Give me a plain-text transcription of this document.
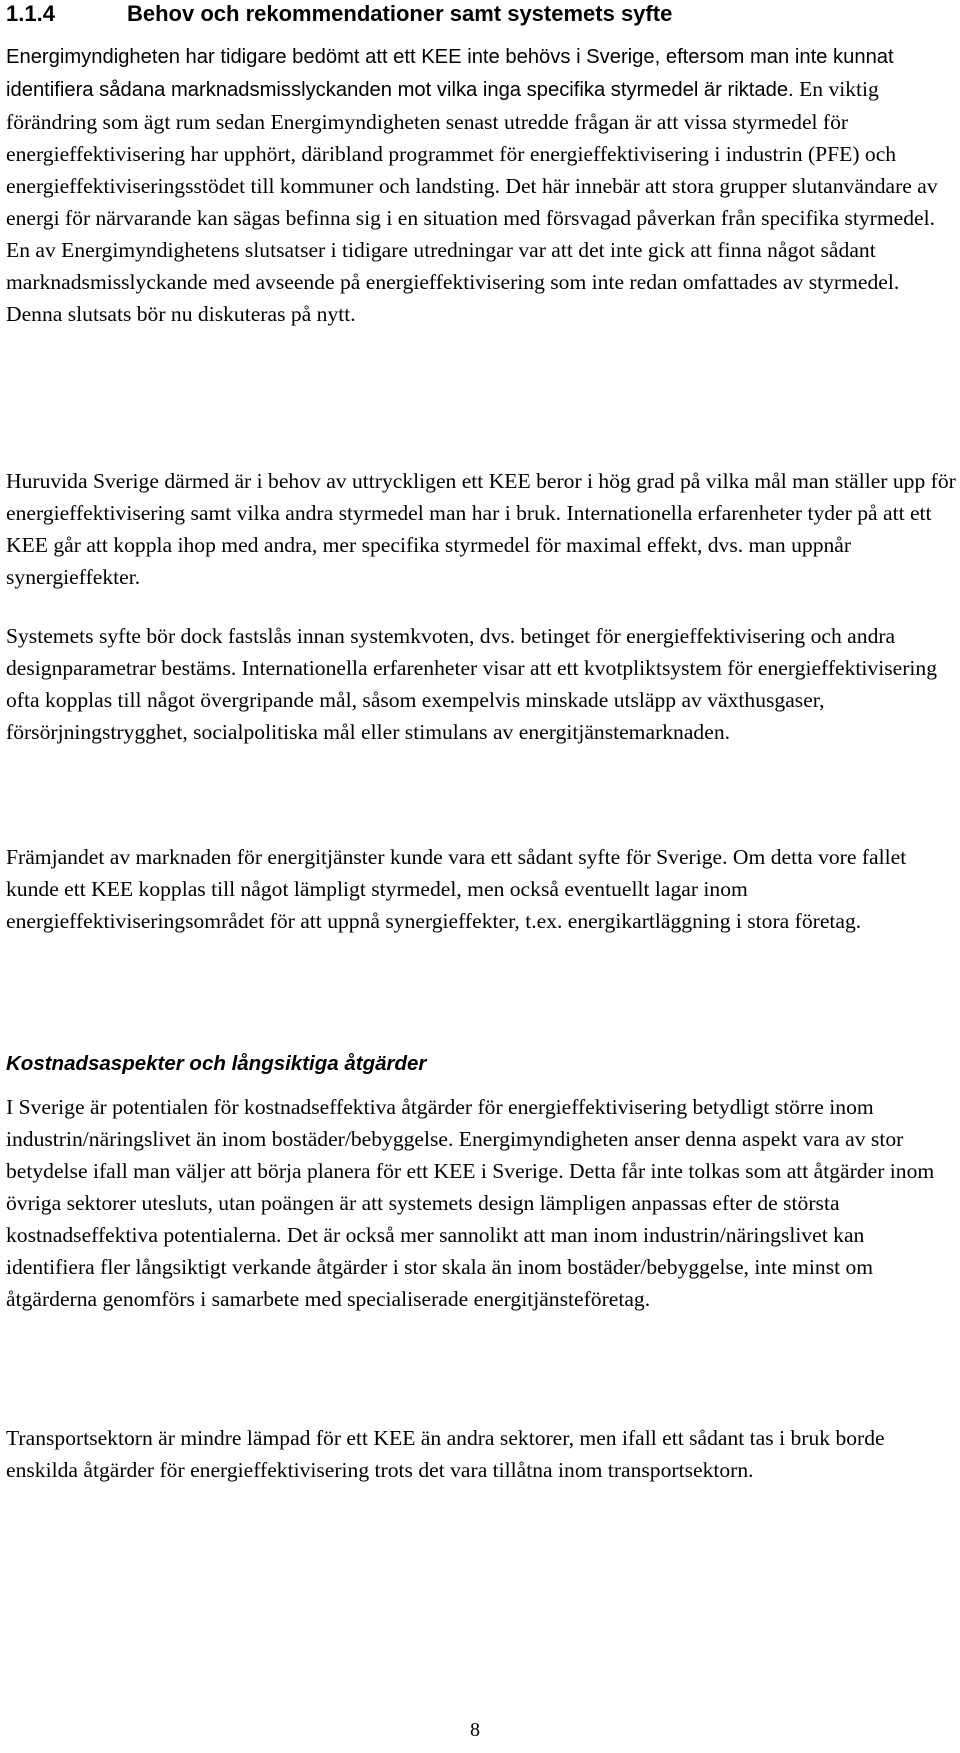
1.1.4	Behov och rekommendationer samt systemets syfte

Energimyndigheten har tidigare bedömt att ett KEE inte behövs i Sverige, eftersom man inte kunnat identifiera sådana marknadsmisslyckanden mot vilka inga specifika styrmedel är riktade. En viktig förändring som ägt rum sedan Energimyndigheten senast utredde frågan är att vissa styrmedel för energieffektivisering har upphört, däribland programmet för energieffektivisering i industrin (PFE) och energieffektiviseringsstödet till kommuner och landsting. Det här innebär att stora grupper slutanvändare av energi för närvarande kan sägas befinna sig i en situation med försvagad påverkan från specifika styrmedel. En av Energimyndighetens slutsatser i tidigare utredningar var att det inte gick att finna något sådant marknadsmisslyckande med avseende på energieffektivisering som inte redan omfattades av styrmedel. Denna slutsats bör nu diskuteras på nytt.

Huruvida Sverige därmed är i behov av uttryckligen ett KEE beror i hög grad på vilka mål man ställer upp för energieffektivisering samt vilka andra styrmedel man har i bruk. Internationella erfarenheter tyder på att ett KEE går att koppla ihop med andra, mer specifika styrmedel för maximal effekt, dvs. man uppnår synergieffekter.

Systemets syfte bör dock fastslås innan systemkvoten, dvs. betinget för energieffektivisering och andra designparametrar bestäms. Internationella erfarenheter visar att ett kvotpliktsystem för energieffektivisering ofta kopplas till något övergripande mål, såsom exempelvis minskade utsläpp av växthusgaser, försörjningstrygghet, socialpolitiska mål eller stimulans av energitjänstemarknaden.

Främjandet av marknaden för energitjänster kunde vara ett sådant syfte för Sverige. Om detta vore fallet kunde ett KEE kopplas till något lämpligt styrmedel, men också eventuellt lagar inom energieffektiviseringsområdet för att uppnå synergieffekter, t.ex. energikartläggning i stora företag.

Kostnadsaspekter och långsiktiga åtgärder

I Sverige är potentialen för kostnadseffektiva åtgärder för energieffektivisering betydligt större inom industrin/näringslivet än inom bostäder/bebyggelse. Energimyndigheten anser denna aspekt vara av stor betydelse ifall man väljer att börja planera för ett KEE i Sverige. Detta får inte tolkas som att åtgärder inom övriga sektorer utesluts, utan poängen är att systemets design lämpligen anpassas efter de största kostnadseffektiva potentialerna. Det är också mer sannolikt att man inom industrin/näringslivet kan identifiera fler långsiktigt verkande åtgärder i stor skala än inom bostäder/bebyggelse, inte minst om åtgärderna genomförs i samarbete med specialiserade energitjänsteföretag.

Transportsektorn är mindre lämpad för ett KEE än andra sektorer, men ifall ett sådant tas i bruk borde enskilda åtgärder för energieffektivisering trots det vara tillåtna inom transportsektorn.

8
